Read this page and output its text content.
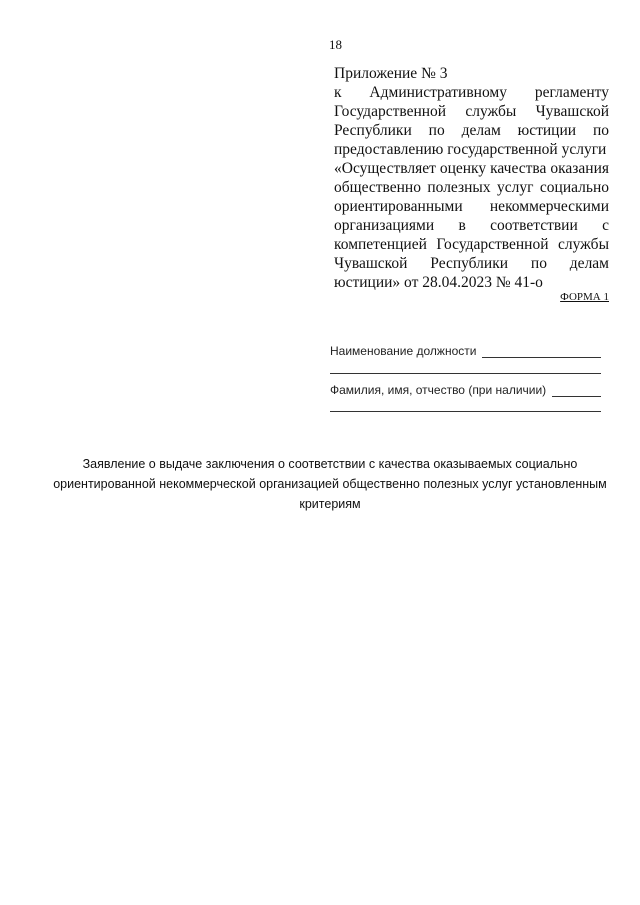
18
Приложение № 3
к Административному регламенту
Государственной службы Чувашской
Республики по делам юстиции по
предоставлению государственной услуги
«Осуществляет оценку качества оказания
общественно полезных услуг социально
ориентированными некоммерческими
организациями в соответствии с
компетенцией Государственной службы
Чувашской Республики по делам
юстиции» от 28.04.2023 № 41-о
ФОРМА 1
Наименование должности
Фамилия, имя, отчество (при наличии)
Заявление о выдаче заключения о соответствии с качества оказываемых социально
ориентированной некоммерческой организацией общественно полезных услуг установленным
критериям
